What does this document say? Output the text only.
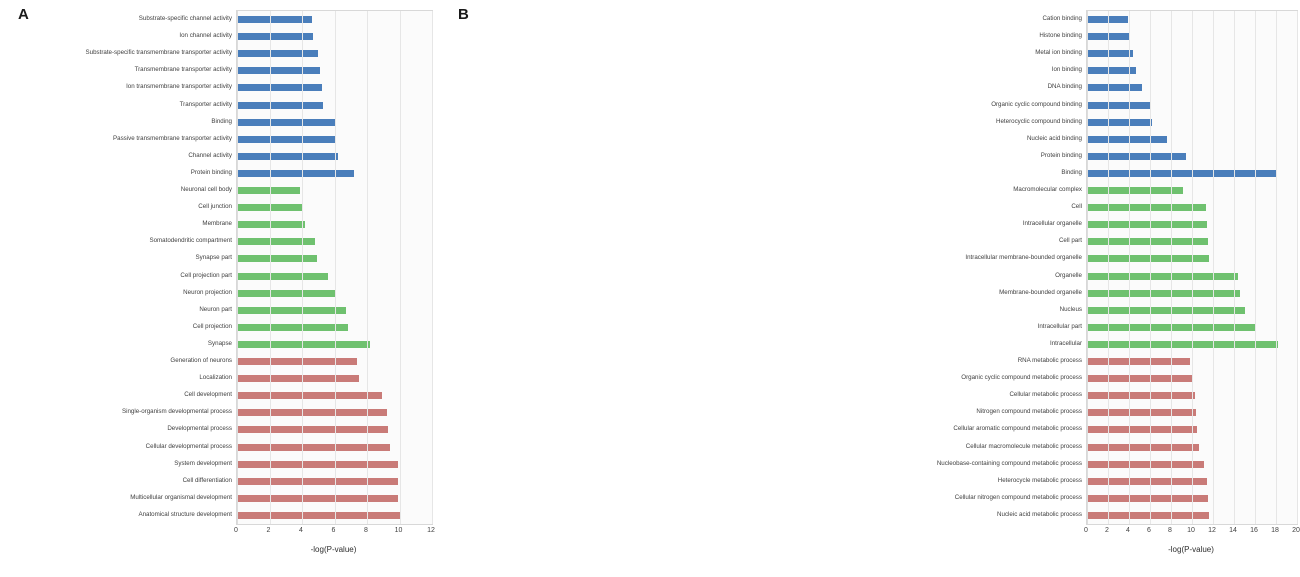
A	Substrate-specific channel activity
Ion channel activity
Substrate-specific transmembrane transporter activity
Transmembrane transporter activity
Ion transmembrane transporter activity
Transporter activity
Binding
Passive transmembrane transporter activity
Channel activity
Protein binding
Neuronal cell body
Cell junction
Membrane
Somatodendritic compartment
Synapse part
Cell projection part
Neuron projection
Neuron part
Cell projection
Synapse
Generation of neurons
Localization
Cell development
Single-organism developmental process
Developmental process
Cellular developmental process
System development
Cell differentiation
Multicellular organismal development
Anatomical structure development
0	2	4	6	8	10	12
-log(P-value)
B	Cation binding
Histone binding
Metal ion binding
Ion binding
DNA binding
Organic cyclic compound binding
Heterocyclic compound binding
Nucleic acid binding
Protein binding
Binding
Macromolecular complex
Cell
Intracellular organelle
Cell part
Intracellular membrane-bounded organelle
Organelle
Membrane-bounded organelle
Nucleus
Intracellular part
Intracellular
RNA metabolic process
Organic cyclic compound metabolic process
Cellular metabolic process
Nitrogen compound metabolic process
Cellular aromatic compound metabolic process
Cellular macromolecule metabolic process
Nucleobase-containing compound metabolic process
Heterocycle metabolic process
Cellular nitrogen compound metabolic process
Nucleic acid metabolic process
0 2 4 6 8 10 12 14 16 18 20
-log(P-value)
